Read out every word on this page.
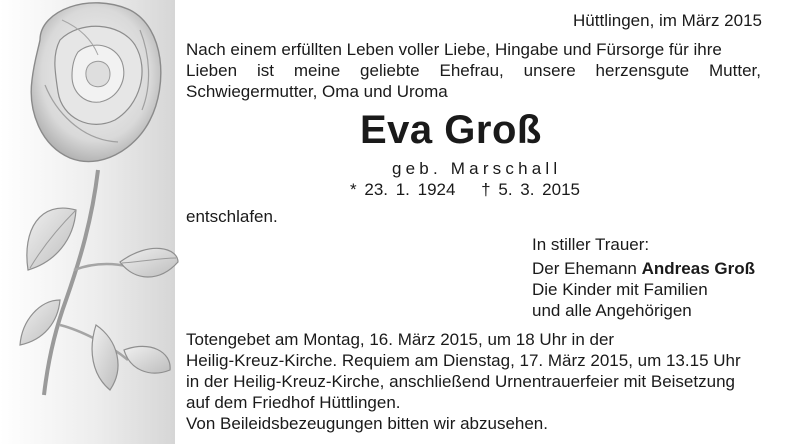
Hüttlingen, im März 2015
Nach einem erfüllten Leben voller Liebe, Hingabe und Fürsorge für ihre
Lieben ist meine geliebte Ehefrau, unsere herzensgute Mutter,
Schwiegermutter, Oma und Uroma
Eva Groß
geb. Marschall
* 23. 1. 1924 † 5. 3. 2015
entschlafen.
In stiller Trauer:
Der Ehemann Andreas Groß
Die Kinder mit Familien
und alle Angehörigen
Totengebet am Montag, 16. März 2015, um 18 Uhr in der
Heilig-Kreuz-Kirche. Requiem am Dienstag, 17. März 2015, um 13.15 Uhr
in der Heilig-Kreuz-Kirche, anschließend Urnentrauerfeier mit Beisetzung
auf dem Friedhof Hüttlingen.
Von Beileidsbezeugungen bitten wir abzusehen.
